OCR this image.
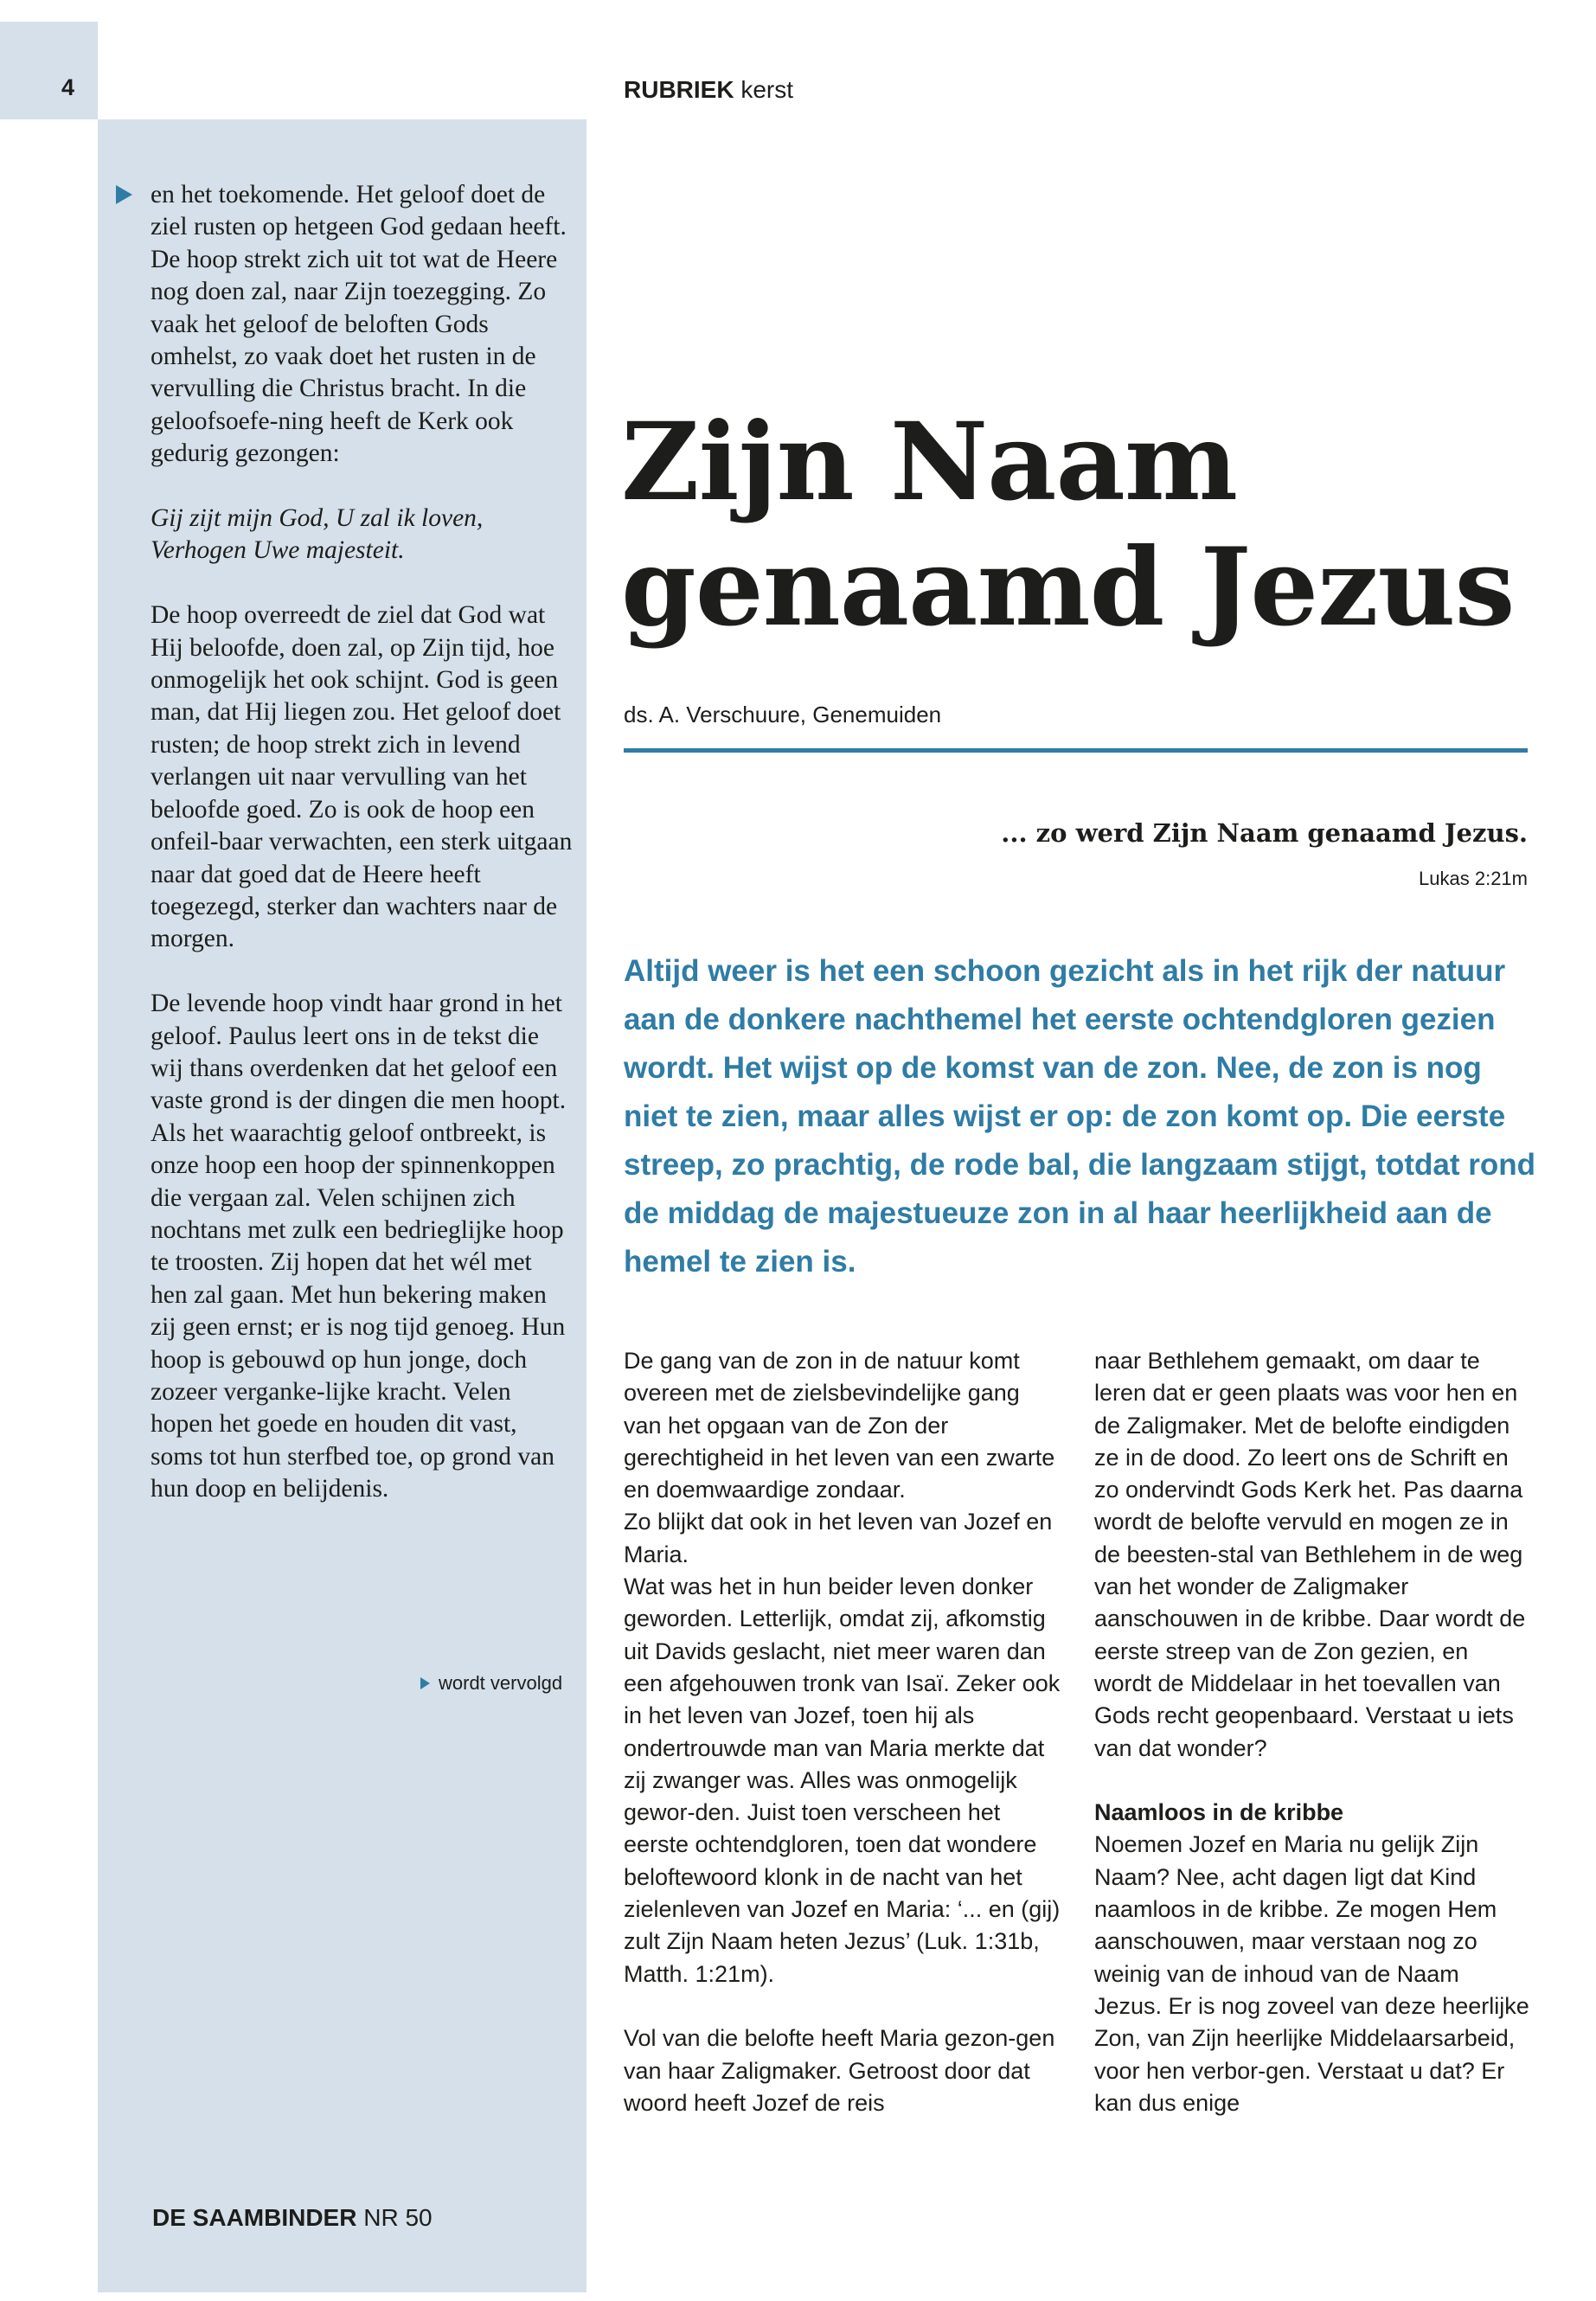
4	RUBRIEK kerst

en het toekomende. Het geloof doet de ziel rusten op hetgeen God gedaan heeft. De hoop strekt zich uit tot wat de Heere nog doen zal, naar Zijn toezegging. Zo vaak het geloof de beloften Gods omhelst, zo vaak doet het rusten in de vervulling die Christus bracht. In die geloofsoefe-ning heeft de Kerk ook gedurig gezongen:

Gij zijt mijn God, U zal ik loven, Verhogen Uwe majesteit.

De hoop overreedt de ziel dat God wat Hij beloofde, doen zal, op Zijn tijd, hoe onmogelijk het ook schijnt. God is geen man, dat Hij liegen zou. Het geloof doet rusten; de hoop strekt zich in levend verlangen uit naar vervulling van het beloofde goed. Zo is ook de hoop een onfeil-baar verwachten, een sterk uitgaan naar dat goed dat de Heere heeft toegezegd, sterker dan wachters naar de morgen.

De levende hoop vindt haar grond in het geloof. Paulus leert ons in de tekst die wij thans overdenken dat het geloof een vaste grond is der dingen die men hoopt. Als het waarachtig geloof ontbreekt, is onze hoop een hoop der spinnenkoppen die vergaan zal. Velen schijnen zich nochtans met zulk een bedrieglijke hoop te troosten. Zij hopen dat het wél met hen zal gaan. Met hun bekering maken zij geen ernst; er is nog tijd genoeg. Hun hoop is gebouwd op hun jonge, doch zozeer verganke-lijke kracht. Velen hopen het goede en houden dit vast, soms tot hun sterfbed toe, op grond van hun doop en belijdenis.

wordt vervolgd
DE SAAMBINDER NR 50
Zijn Naam
genaamd Jezus
ds. A. Verschuure, Genemuiden
... zo werd Zijn Naam genaamd Jezus.
Lukas 2:21m
Altijd weer is het een schoon gezicht als in het rijk der natuur aan de donkere nachthemel het eerste ochtendgloren gezien wordt. Het wijst op de komst van de zon. Nee, de zon is nog niet te zien, maar alles wijst er op: de zon komt op. Die eerste streep, zo prachtig, de rode bal, die langzaam stijgt, totdat rond de middag de majestueuze zon in al haar heerlijkheid aan de hemel te zien is.

De gang van de zon in de natuur komt overeen met de zielsbevindelijke gang van het opgaan van de Zon der gerechtigheid in het leven van een zwarte en doemwaardige zondaar.

Zo blijkt dat ook in het leven van Jozef en Maria.

Wat was het in hun beider leven donker geworden. Letterlijk, omdat zij, afkomstig uit Davids geslacht, niet meer waren dan een afgehouwen tronk van Isaï. Zeker ook in het leven van Jozef, toen hij als ondertrouwde man van Maria merkte dat zij zwanger was. Alles was onmogelijk gewor-den. Juist toen verscheen het eerste ochtendgloren, toen dat wondere beloftewoord klonk in de nacht van het zielenleven van Jozef en Maria: ‘... en (gij) zult Zijn Naam heten Jezus’ (Luk. 1:31b, Matth. 1:21m).

Vol van die belofte heeft Maria gezon-gen van haar Zaligmaker. Getroost door dat woord heeft Jozef de reis

naar Bethlehem gemaakt, om daar te leren dat er geen plaats was voor hen en de Zaligmaker. Met de belofte eindigden ze in de dood. Zo leert ons de Schrift en zo ondervindt Gods Kerk het. Pas daarna wordt de belofte vervuld en mogen ze in de beesten-stal van Bethlehem in de weg van het wonder de Zaligmaker aanschouwen in de kribbe. Daar wordt de eerste streep van de Zon gezien, en wordt de Middelaar in het toevallen van Gods recht geopenbaard. Verstaat u iets van dat wonder?

Naamloos in de kribbe

Noemen Jozef en Maria nu gelijk Zijn Naam? Nee, acht dagen ligt dat Kind naamloos in de kribbe. Ze mogen Hem aanschouwen, maar verstaan nog zo weinig van de inhoud van de Naam Jezus. Er is nog zoveel van deze heerlijke Zon, van Zijn heerlijke Middelaarsarbeid, voor hen verbor-gen. Verstaat u dat? Er kan dus enige
